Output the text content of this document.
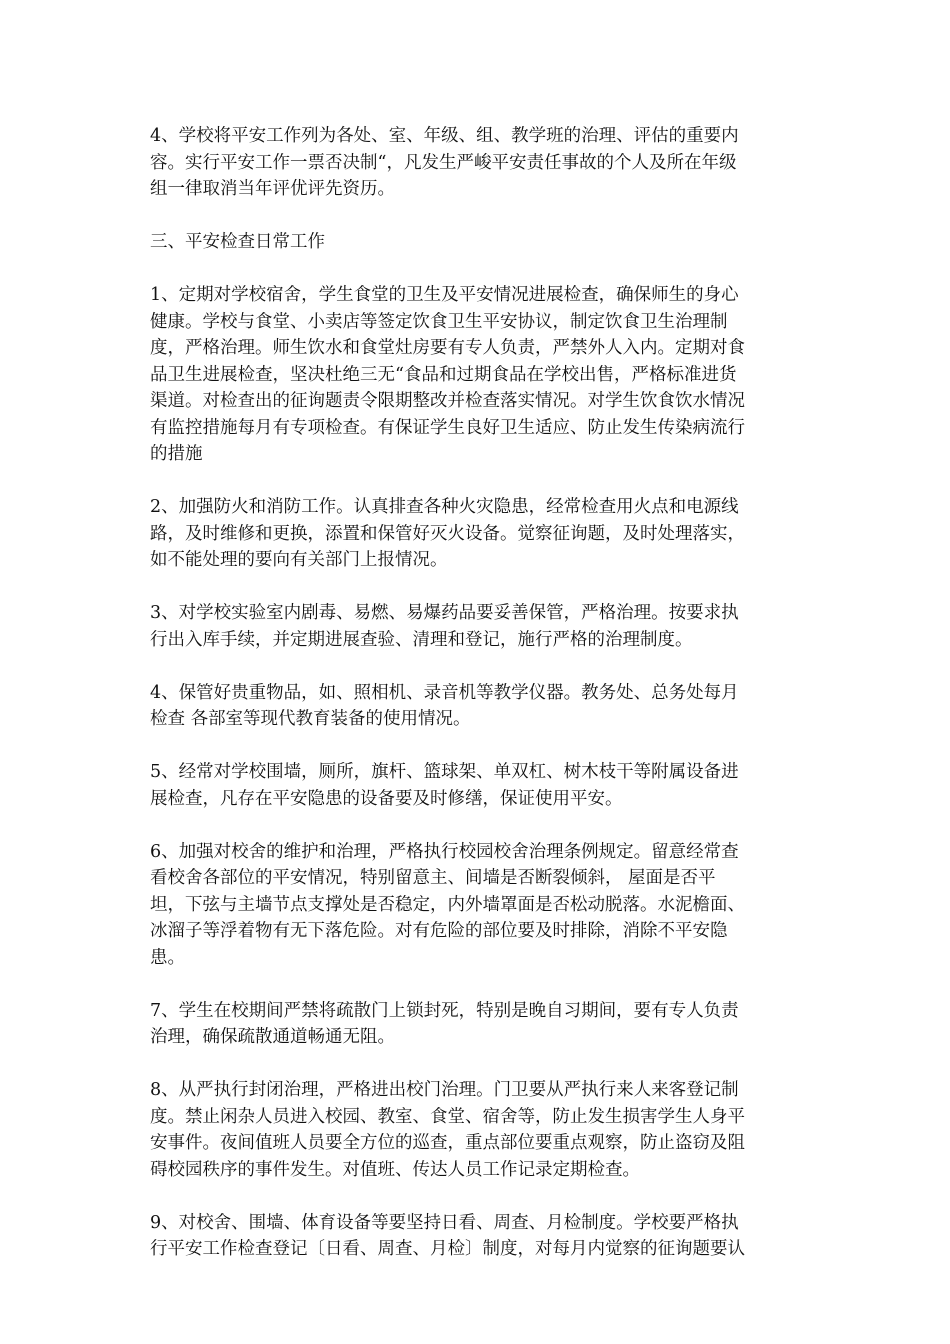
4、学校将平安工作列为各处、室、年级、组、教学班的治理、评估的重要内
容。实行平安工作一票否决制“，凡发生严峻平安责任事故的个人及所在年级
组一律取消当年评优评先资历。
三、平安检查日常工作
1、定期对学校宿舍，学生食堂的卫生及平安情况进展检查，确保师生的身心
健康。学校与食堂、小卖店等签定饮食卫生平安协议，制定饮食卫生治理制
度，严格治理。师生饮水和食堂灶房要有专人负责，严禁外人入内。定期对食
品卫生进展检查，坚决杜绝三无“食品和过期食品在学校出售，严格标准进货
渠道。对检查出的征询题责令限期整改并检查落实情况。对学生饮食饮水情况
有监控措施每月有专项检查。有保证学生良好卫生适应、防止发生传染病流行
的措施
2、加强防火和消防工作。认真排查各种火灾隐患，经常检查用火点和电源线
路，及时维修和更换，添置和保管好灭火设备。觉察征询题，及时处理落实，
如不能处理的要向有关部门上报情况。
3、对学校实验室内剧毒、易燃、易爆药品要妥善保管，严格治理。按要求执
行出入库手续，并定期进展查验、清理和登记，施行严格的治理制度。
4、保管好贵重物品，如、照相机、录音机等教学仪器。教务处、总务处每月
检查 各部室等现代教育装备的使用情况。
5、经常对学校围墙，厕所，旗杆、篮球架、单双杠、树木枝干等附属设备进
展检查，凡存在平安隐患的设备要及时修缮，保证使用平安。
6、加强对校舍的维护和治理，严格执行校园校舍治理条例规定。留意经常查
看校舍各部位的平安情况，特别留意主、间墙是否断裂倾斜， 屋面是否平
坦，下弦与主墙节点支撑处是否稳定，内外墙罩面是否松动脱落。水泥檐面、
冰溜子等浮着物有无下落危险。对有危险的部位要及时排除，消除不平安隐
患。
7、学生在校期间严禁将疏散门上锁封死，特别是晚自习期间，要有专人负责
治理，确保疏散通道畅通无阻。
8、从严执行封闭治理，严格进出校门治理。门卫要从严执行来人来客登记制
度。禁止闲杂人员进入校园、教室、食堂、宿舍等，防止发生损害学生人身平
安事件。夜间值班人员要全方位的巡查，重点部位要重点观察，防止盗窃及阻
碍校园秩序的事件发生。对值班、传达人员工作记录定期检查。
9、对校舍、围墙、体育设备等要坚持日看、周查、月检制度。学校要严格执
行平安工作检查登记〔日看、周查、月检〕制度，对每月内觉察的征询题要认
